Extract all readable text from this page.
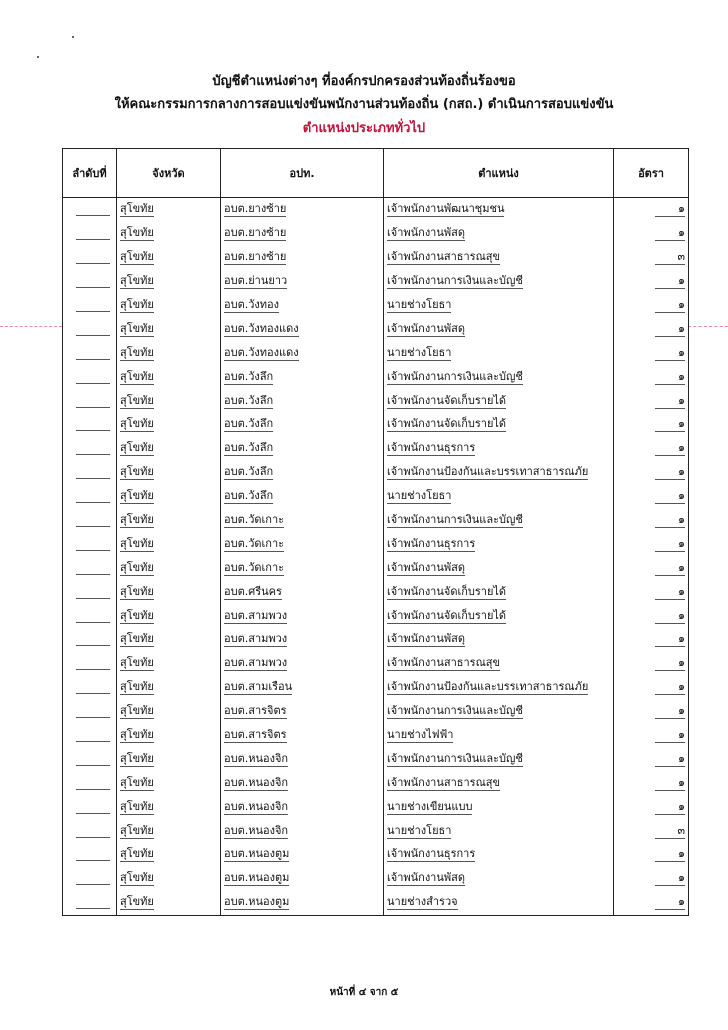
บัญชีตำแหน่งต่างๆ ที่องค์กรปกครองส่วนท้องถิ่นร้องขอ
ให้คณะกรรมการกลางการสอบแข่งขันพนักงานส่วนท้องถิ่น (กสถ.) ดำเนินการสอบแข่งขัน
ตำแหน่งประเภททั่วไป
ลำดับที่	จังหวัด	อปท.	ตำแหน่ง	อัตรา
	สุโขทัย	อบต.ยางซ้าย	เจ้าพนักงานพัฒนาชุมชน	๑
	สุโขทัย	อบต.ยางซ้าย	เจ้าพนักงานพัสดุ	๑
	สุโขทัย	อบต.ยางซ้าย	เจ้าพนักงานสาธารณสุข	๓
	สุโขทัย	อบต.ย่านยาว	เจ้าพนักงานการเงินและบัญชี	๑
	สุโขทัย	อบต.วังทอง	นายช่างโยธา	๑
	สุโขทัย	อบต.วังทองแดง	เจ้าพนักงานพัสดุ	๑
	สุโขทัย	อบต.วังทองแดง	นายช่างโยธา	๑
	สุโขทัย	อบต.วังลึก	เจ้าพนักงานการเงินและบัญชี	๑
	สุโขทัย	อบต.วังลึก	เจ้าพนักงานจัดเก็บรายได้	๑
	สุโขทัย	อบต.วังลึก	เจ้าพนักงานจัดเก็บรายได้	๑
	สุโขทัย	อบต.วังลึก	เจ้าพนักงานธุรการ	๑
	สุโขทัย	อบต.วังลึก	เจ้าพนักงานป้องกันและบรรเทาสาธารณภัย	๑
	สุโขทัย	อบต.วังลึก	นายช่างโยธา	๑
	สุโขทัย	อบต.วัดเกาะ	เจ้าพนักงานการเงินและบัญชี	๑
	สุโขทัย	อบต.วัดเกาะ	เจ้าพนักงานธุรการ	๑
	สุโขทัย	อบต.วัดเกาะ	เจ้าพนักงานพัสดุ	๑
	สุโขทัย	อบต.ศรีนคร	เจ้าพนักงานจัดเก็บรายได้	๑
	สุโขทัย	อบต.สามพวง	เจ้าพนักงานจัดเก็บรายได้	๑
	สุโขทัย	อบต.สามพวง	เจ้าพนักงานพัสดุ	๑
	สุโขทัย	อบต.สามพวง	เจ้าพนักงานสาธารณสุข	๑
	สุโขทัย	อบต.สามเรือน	เจ้าพนักงานป้องกันและบรรเทาสาธารณภัย	๑
	สุโขทัย	อบต.สารจิตร	เจ้าพนักงานการเงินและบัญชี	๑
	สุโขทัย	อบต.สารจิตร	นายช่างไฟฟ้า	๑
	สุโขทัย	อบต.หนองจิก	เจ้าพนักงานการเงินและบัญชี	๑
	สุโขทัย	อบต.หนองจิก	เจ้าพนักงานสาธารณสุข	๑
	สุโขทัย	อบต.หนองจิก	นายช่างเขียนแบบ	๑
	สุโขทัย	อบต.หนองจิก	นายช่างโยธา	๓
	สุโขทัย	อบต.หนองตูม	เจ้าพนักงานธุรการ	๑
	สุโขทัย	อบต.หนองตูม	เจ้าพนักงานพัสดุ	๑
	สุโขทัย	อบต.หนองตูม	นายช่างสำรวจ	๑
หน้าที่ ๔ จาก ๕
